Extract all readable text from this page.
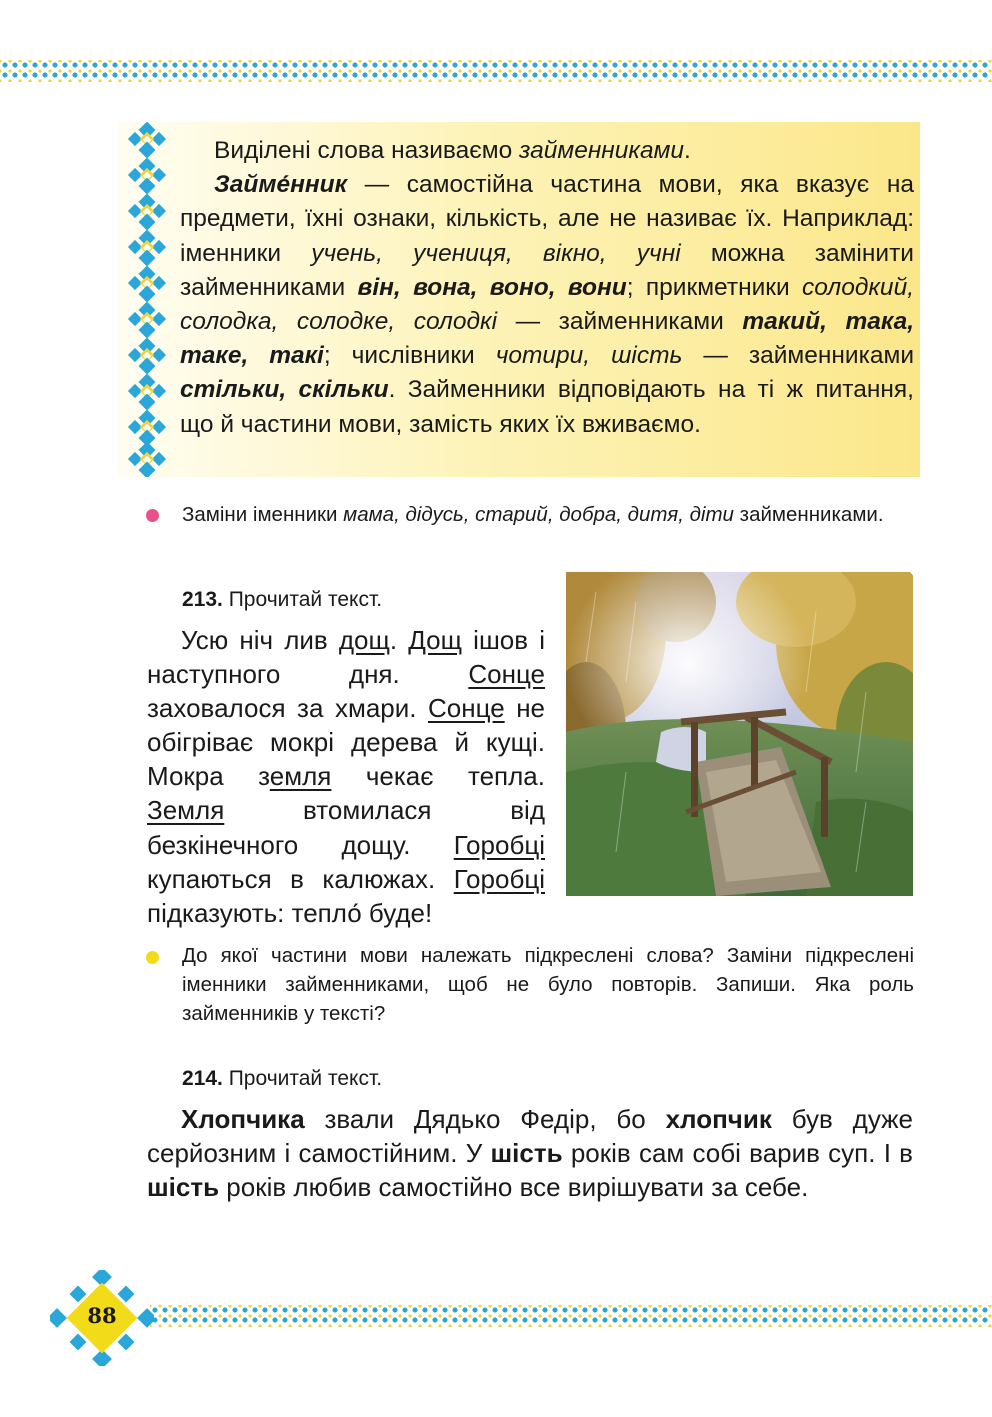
Виділені слова називаємо займенниками.

Займе́нник — самостійна частина мови, яка вказує на предмети, їхні ознаки, кількість, але не називає їх. Наприклад: іменники учень, учениця, вікно, учні можна замінити займенниками він, вона, воно, вони; прикметники солодкий, солодка, солодке, солодкі — займенниками такий, така, таке, такі; числівники чотири, шість — займенниками стільки, скільки. Займенники відповідають на ті ж питання, що й частини мови, замість яких їх вживаємо.

Заміни іменники мама, дідусь, старий, добра, дитя, діти займенниками.
213. Прочитай текст.

Усю ніч лив дощ. Дощ ішов і наступного дня. Сонце заховалося за хмари. Сонце не обігріває мокрі дерева й кущі. Мокра земля чекає тепла. Земля втомилася від безкінечного дощу. Горобці купаються в калюжах. Горобці підказують: тепло́ буде!

До якої частини мови належать підкреслені слова? Заміни підкреслені іменники займенниками, щоб не було повторів. Запиши. Яка роль займенників у тексті?
214. Прочитай текст.

Хлопчика звали Дядько Федір, бо хлопчик був дуже серйозним і самостійним. У шість років сам собі варив суп. І в шість років любив самостійно все вирішувати за себе.

88
